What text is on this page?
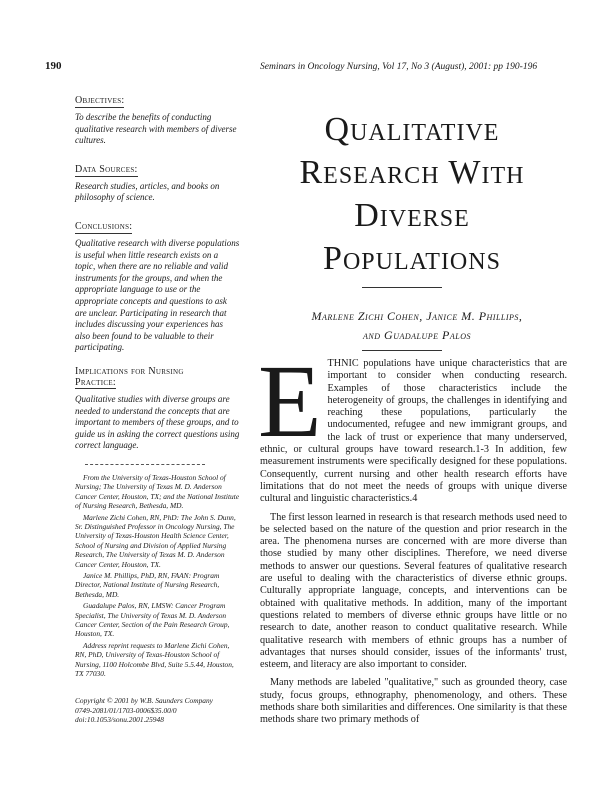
190	Seminars in Oncology Nursing, Vol 17, No 3 (August), 2001: pp 190-196
Objectives:

To describe the benefits of conducting qualitative research with members of diverse cultures.

Data Sources:

Research studies, articles, and books on philosophy of science.

Conclusions:

Qualitative research with diverse populations is useful when little research exists on a topic, when there are no reliable and valid instruments for the groups, and when the appropriate language to use or the appropriate concepts and questions to ask are unclear. Participating in research that includes discussing your experiences has also been found to be valuable to their participating.

Implications for Nursing
Practice:

Qualitative studies with diverse groups are needed to understand the concepts that are important to members of these groups, and to guide us in asking the correct questions using correct language.

From the University of Texas-Houston School of Nursing; The University of Texas M. D. Anderson Cancer Center, Houston, TX; and the National Institute of Nursing Research, Bethesda, MD.

Marlene Zichi Cohen, RN, PhD: The John S. Dunn, Sr. Distinguished Professor in Oncology Nursing, The University of Texas-Houston Health Science Center, School of Nursing and Division of Applied Nursing Research, The University of Texas M. D. Anderson Cancer Center, Houston, TX.

Janice M. Phillips, PhD, RN, FAAN: Program Director, National Institute of Nursing Research, Bethesda, MD.

Guadalupe Palos, RN, LMSW: Cancer Program Specialist, The University of Texas M. D. Anderson Cancer Center, Section of the Pain Research Group, Houston, TX.

Address reprint requests to Marlene Zichi Cohen, RN, PhD, University of Texas-Houston School of Nursing, 1100 Holcombe Blvd, Suite 5.5.44, Houston, TX 77030.

Copyright © 2001 by W.B. Saunders Company
0749-2081/01/1703-0006$35.00/0
doi:10.1053/sonu.2001.25948
Qualitative
Research With
Diverse
Populations
Marlene Zichi Cohen, Janice M. Phillips,
and Guadalupe Palos
E THNIC populations have unique characteristics that are important to consider when conducting research. Examples of those characteristics include the heterogeneity of groups, the challenges in identifying and reaching these populations, particularly the undocumented, refugee and new immigrant groups, and the lack of trust or experience that many underserved, ethnic, or cultural groups have toward research.1-3 In addition, few measurement instruments were specifically designed for these populations. Consequently, current nursing and other health research efforts have limitations that do not meet the needs of groups with unique diverse cultural and linguistic characteristics.4

The first lesson learned in research is that research methods used need to be selected based on the nature of the question and prior research in the area. The phenomena nurses are concerned with are more diverse than those studied by many other disciplines. Therefore, we need diverse methods to answer our questions. Several features of qualitative research are useful to dealing with the characteristics of diverse ethnic groups. Culturally appropriate language, concepts, and interventions can be obtained with qualitative methods. In addition, many of the important questions related to members of diverse ethnic groups have little or no research to date, another reason to conduct qualitative research. While qualitative research with members of ethnic groups has a number of advantages that nurses should consider, issues of the informants' trust, esteem, and literacy are also important to consider.

Many methods are labeled "qualitative," such as grounded theory, case study, focus groups, ethnography, phenomenology, and others. These methods share both similarities and differences. One similarity is that these methods share two primary methods of
